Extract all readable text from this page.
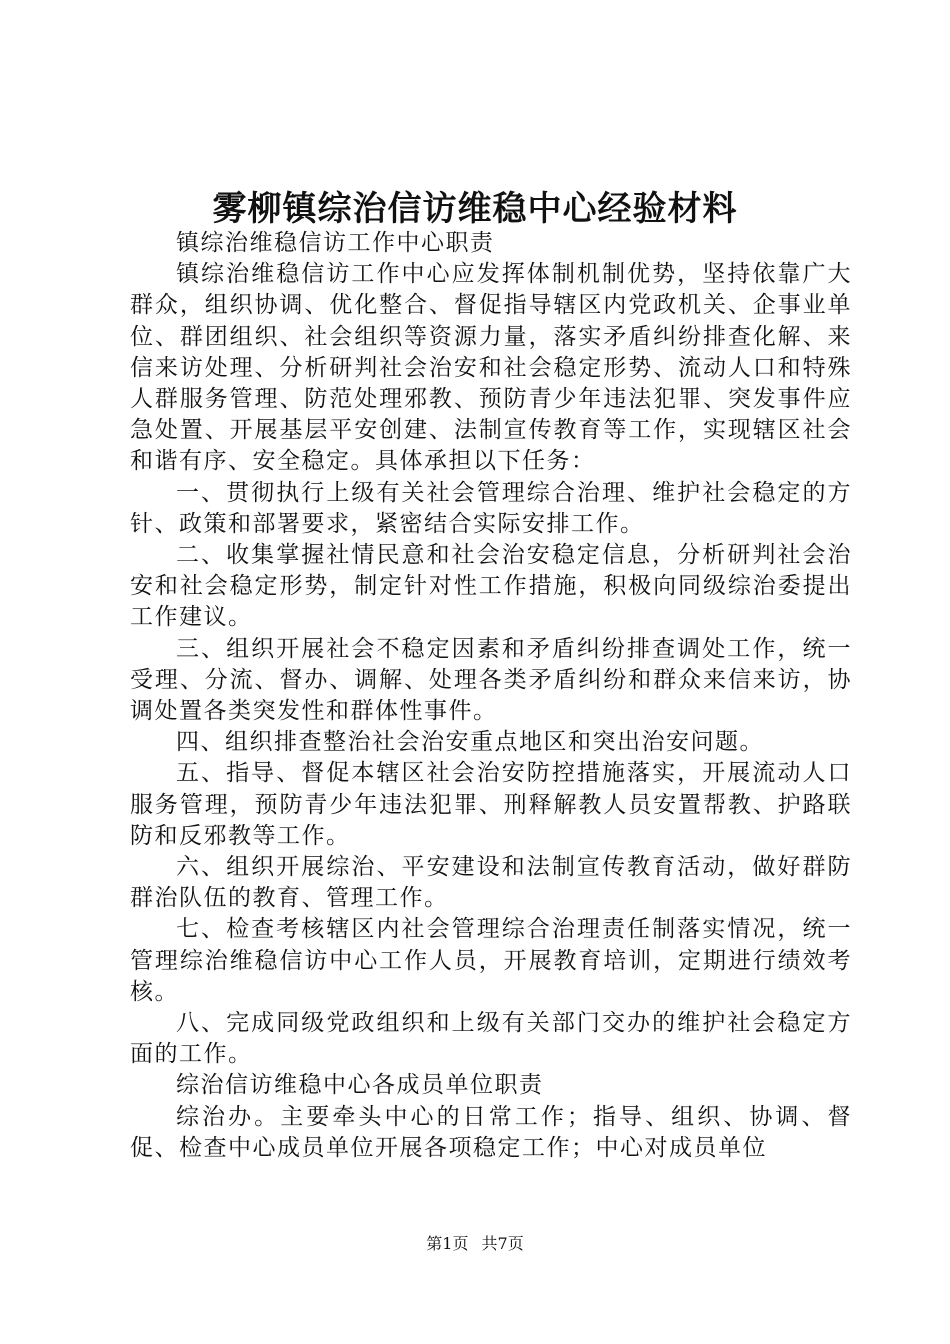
雾柳镇综治信访维稳中心经验材料

镇综治维稳信访工作中心职责

镇综治维稳信访工作中心应发挥体制机制优势，坚持依靠广大群众，组织协调、优化整合、督促指导辖区内党政机关、企事业单位、群团组织、社会组织等资源力量，落实矛盾纠纷排查化解、来信来访处理、分析研判社会治安和社会稳定形势、流动人口和特殊人群服务管理、防范处理邪教、预防青少年违法犯罪、突发事件应急处置、开展基层平安创建、法制宣传教育等工作，实现辖区社会和谐有序、安全稳定。具体承担以下任务：

一、贯彻执行上级有关社会管理综合治理、维护社会稳定的方针、政策和部署要求，紧密结合实际安排工作。

二、收集掌握社情民意和社会治安稳定信息，分析研判社会治安和社会稳定形势，制定针对性工作措施，积极向同级综治委提出工作建议。

三、组织开展社会不稳定因素和矛盾纠纷排查调处工作，统一受理、分流、督办、调解、处理各类矛盾纠纷和群众来信来访，协调处置各类突发性和群体性事件。

四、组织排查整治社会治安重点地区和突出治安问题。

五、指导、督促本辖区社会治安防控措施落实，开展流动人口服务管理，预防青少年违法犯罪、刑释解教人员安置帮教、护路联防和反邪教等工作。

六、组织开展综治、平安建设和法制宣传教育活动，做好群防群治队伍的教育、管理工作。

七、检查考核辖区内社会管理综合治理责任制落实情况，统一管理综治维稳信访中心工作人员，开展教育培训，定期进行绩效考核。

八、完成同级党政组织和上级有关部门交办的维护社会稳定方面的工作。

综治信访维稳中心各成员单位职责

综治办。主要牵头中心的日常工作；指导、组织、协调、督促、检查中心成员单位开展各项稳定工作；中心对成员单位

第1页 共7页
